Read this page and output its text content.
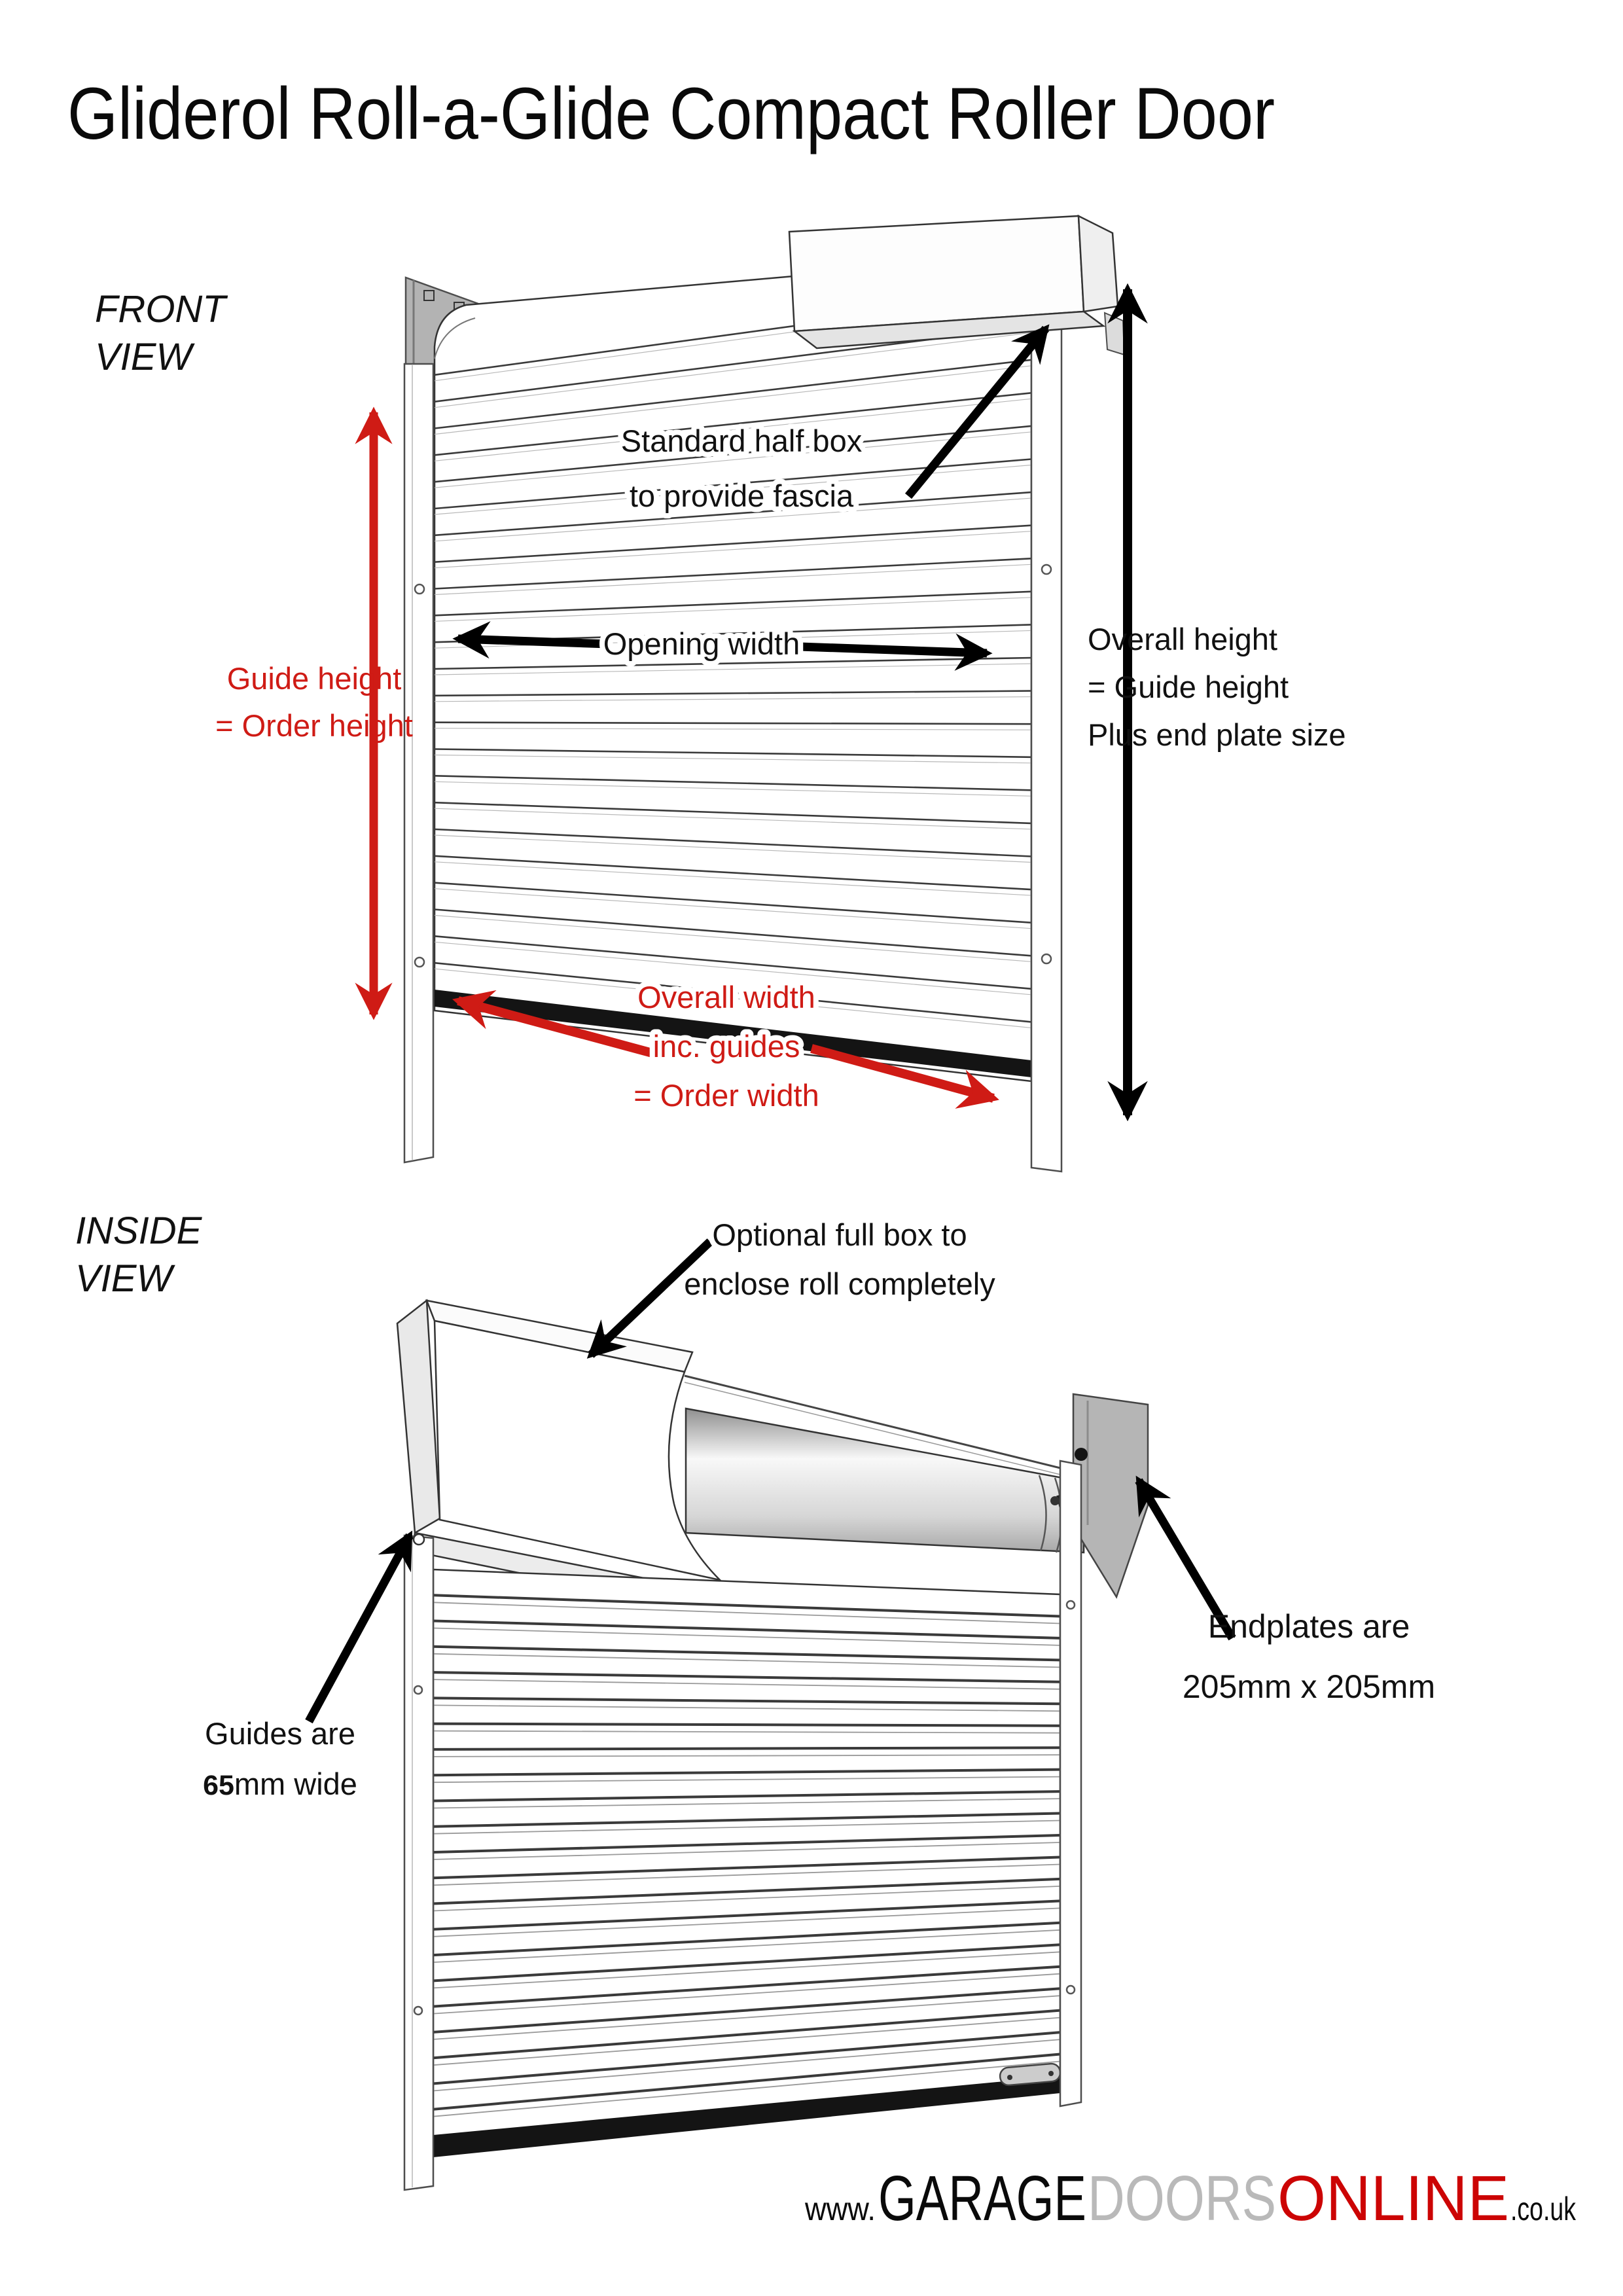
Gliderol Roll-a-Glide Compact Roller Door
FRONT
VIEW
Standard half box
to provide fascia
Opening width	Overall height
= Guide height
Plus end plate size
Guide height
= Order height
Overall width
inc. guides
= Order width
INSIDE
VIEW
Optional full box to
enclose roll completely
Endplates are
205mm x 205mm
Guides are
65mm wide
www. GARAGE DOORS ONLINE .co.uk
